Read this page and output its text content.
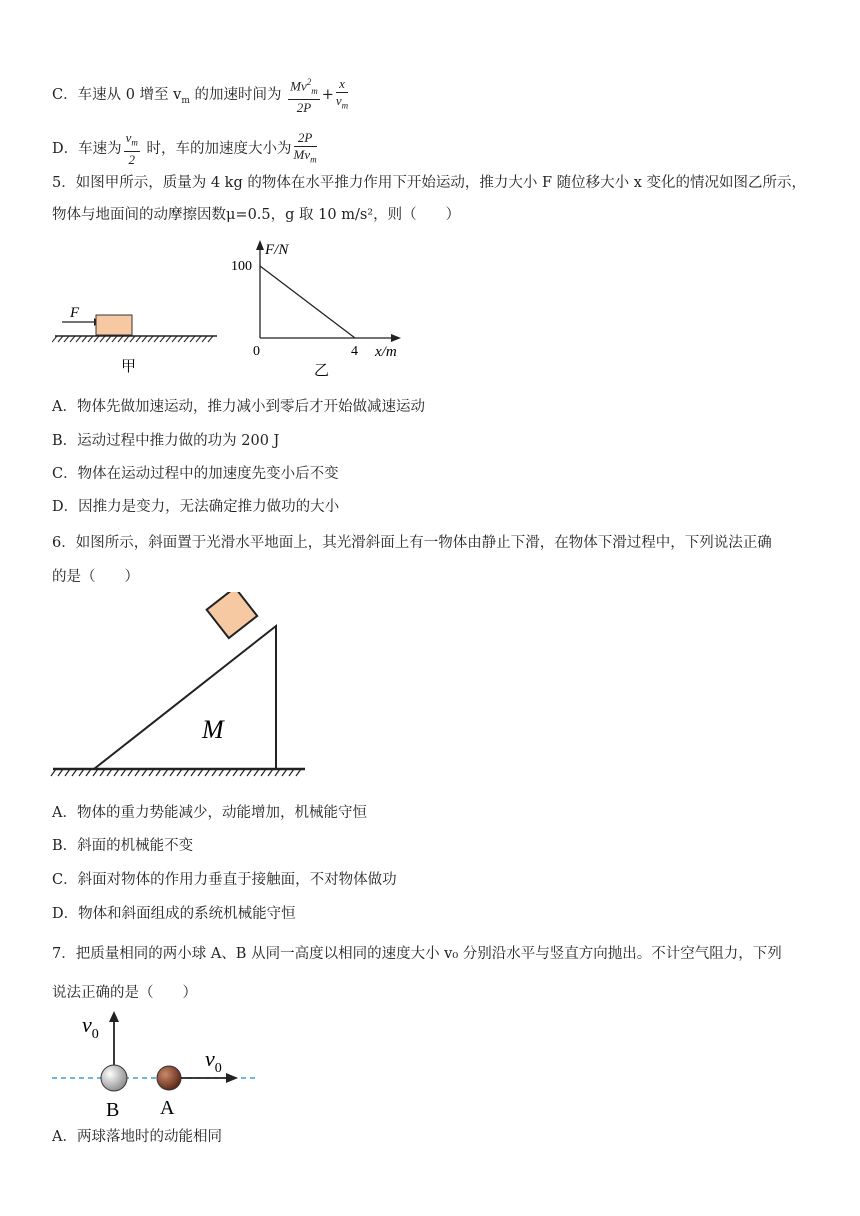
C．车速从 0 增至 $v_m$ 的加速时间为 $\frac{Mv^2_m}{2P} + \frac{x}{v_m}$
D．车速为 $\frac{v_m}{2}$ 时，车的加速度大小为 $\frac{2P}{Mv_m}$
5．如图甲所示，质量为 4 kg 的物体在水平推力作用下开始运动，推力大小 F 随位移大小 x 变化的情况如图乙所示，
物体与地面间的动摩擦因数μ=0.5，g 取 10 m/s²，则（　　）
F
甲
F/N
x/m
100
4
0
乙
A．物体先做加速运动，推力减小到零后才开始做减速运动
B．运动过程中推力做的功为 200 J
C．物体在运动过程中的加速度先变小后不变
D．因推力是变力，无法确定推力做功的大小
6．如图所示，斜面置于光滑水平地面上，其光滑斜面上有一物体由静止下滑，在物体下滑过程中，下列说法正确
的是（　　）
M
A．物体的重力势能减少，动能增加，机械能守恒
B．斜面的机械能不变
C．斜面对物体的作用力垂直于接触面，不对物体做功
D．物体和斜面组成的系统机械能守恒
7．把质量相同的两小球 A、B 从同一高度以相同的速度大小 v₀ 分别沿水平与竖直方向抛出。不计空气阻力，下列
说法正确的是（　　）
$v_0$
$v_0$
B A
A．两球落地时的动能相同
